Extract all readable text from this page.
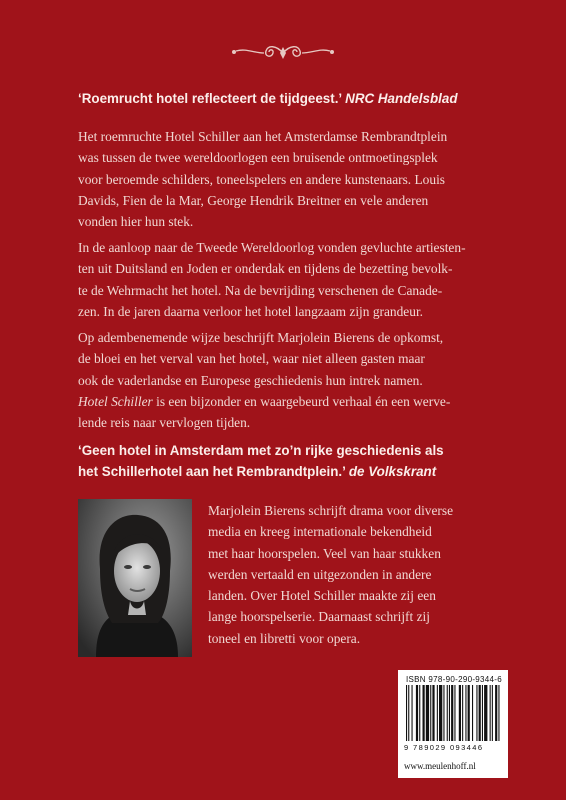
‘Roemrucht hotel reflecteert de tijdgeest.’ NRC Handelsblad

Het roemruchte Hotel Schiller aan het Amsterdamse Rembrandtplein
was tussen de twee wereldoorlogen een bruisende ontmoetingsplek
voor beroemde schilders, toneelspelers en andere kunstenaars. Louis
Davids, Fien de la Mar, George Hendrik Breitner en vele anderen
vonden hier hun stek.

In de aanloop naar de Tweede Wereldoorlog vonden gevluchte artiesten-
ten uit Duitsland en Joden er onderdak en tijdens de bezetting bevolk-
te de Wehrmacht het hotel. Na de bevrijding verschenen de Canade-
zen. In de jaren daarna verloor het hotel langzaam zijn grandeur.

Op adembenemende wijze beschrijft Marjolein Bierens de opkomst,
de bloei en het verval van het hotel, waar niet alleen gasten maar
ook de vaderlandse en Europese geschiedenis hun intrek namen.
Hotel Schiller is een bijzonder en waargebeurd verhaal én een werve-
lende reis naar vervlogen tijden.

‘Geen hotel in Amsterdam met zo’n rijke geschiedenis als
het Schillerhotel aan het Rembrandtplein.’ de Volkskrant

Marjolein Bierens schrijft drama voor diverse
media en kreeg internationale bekendheid
met haar hoorspelen. Veel van haar stukken
werden vertaald en uitgezonden in andere
landen. Over Hotel Schiller maakte zij een
lange hoorspelserie. Daarnaast schrijft zij
toneel en libretti voor opera.

ISBN 978-90-290-9344-6
9 789029 093446
www.meulenhoff.nl
